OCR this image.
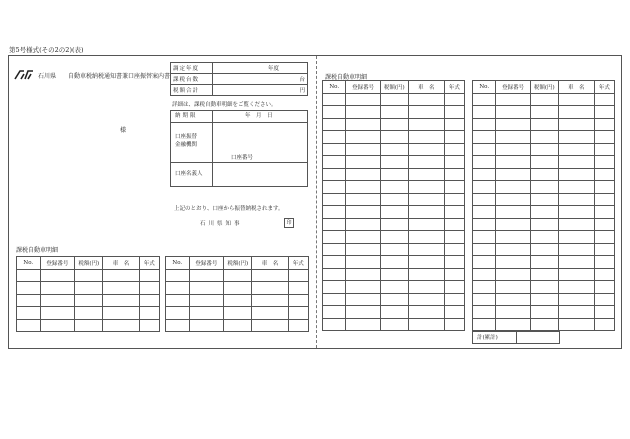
第5号様式(その2の2)(表)
石川県 自動車税納税通知書兼口座振替案内書
様
調定年度	年度
課税台数	台
税額合計	円
詳細は、課税自動車明細をご覧ください。
納期限	年　月　日
口座振替
金融機関
口座番号
口座名義人
上記のとおり、口座から振替納税されます。
石川県知事	印
課税自動車明細
課税自動車明細
No.	登録番号	税額(円)	車　名	年式

					No.	登録番号	税額(円)	車　名	年式

No.	登録番号	税額(円)	車　名	年式

					No.	登録番号	税額(円)	車　名	年式

計(累計)
